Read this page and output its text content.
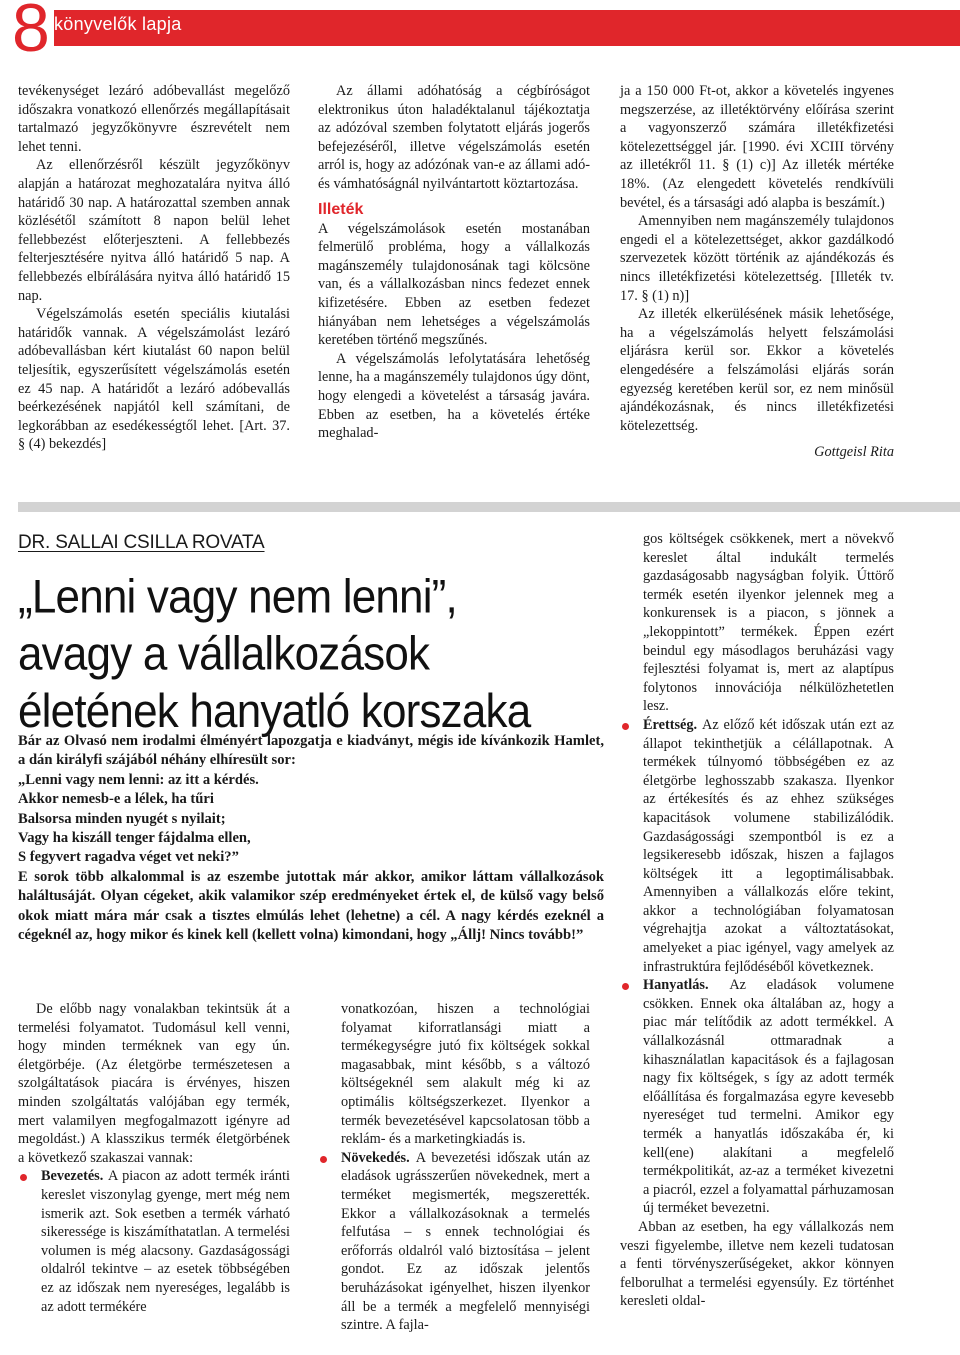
8 könyvelők lapja

tevékenységet lezáró adóbevallást megelőző időszakra vonatkozó ellenőrzés megállapításait tartalmazó jegyzőkönyvre észrevételt nem lehet tenni.

Az ellenőrzésről készült jegyzőkönyv alapján a határozat meghozatalára nyitva álló határidő 30 nap. A határozattal szemben annak közlésétől számított 8 napon belül lehet fellebbezést előterjeszteni. A fellebbezés felterjesztésére nyitva álló határidő 5 nap. A fellebbezés elbírálására nyitva álló határidő 15 nap.

Végelszámolás esetén speciális kiutalási határidők vannak. A végelszámolást lezáró adóbevallásban kért kiutalást 60 napon belül teljesítik, egyszerűsített végelszámolás esetén ez 45 nap. A határidőt a lezáró adóbevallás beérkezésének napjától kell számítani, de legkorábban az esedékességtől lehet. [Art. 37. § (4) bekezdés]

Az állami adóhatóság a cégbíróságot elektronikus úton haladéktalanul tájékoztatja az adózóval szemben folytatott eljárás jogerős befejezéséről, illetve végelszámolás esetén arról is, hogy az adózónak van-e az állami adó- és vámhatóságnál nyilvántartott köztartozása.

Illeték

A végelszámolások esetén mostanában felmerülő probléma, hogy a vállalkozás magánszemély tulajdonosának tagi kölcsöne van, és a vállalkozásban nincs fedezet ennek kifizetésére. Ebben az esetben fedezet hiányában nem lehetséges a végelszámolás keretében történő megszűnés.

A végelszámolás lefolytatására lehetőség lenne, ha a magánszemély tulajdonos úgy dönt, hogy elengedi a követelést a társaság javára. Ebben az esetben, ha a követelés értéke meghalad-

ja a 150 000 Ft-ot, akkor a követelés ingyenes megszerzése, az illetéktörvény előírása szerint a vagyonszerző számára illetékfizetési kötelezettséggel jár. [1990. évi XCIII törvény az illetékről 11. § (1) c)] Az illeték mértéke 18%. (Az elengedett követelés rendkívüli bevétel, és a társasági adó alapba is beszámít.)

Amennyiben nem magánszemély tulajdonos engedi el a kötelezettséget, akkor gazdálkodó szervezetek között történik az ajándékozás és nincs illetékfizetési kötelezettség. [Illeték tv. 17. § (1) n)]

Az illeték elkerülésének másik lehetősége, ha a végelszámolás helyett felszámolási eljárásra kerül sor. Ekkor a követelés elengedésére a felszámolási eljárás során egyezség keretében kerül sor, ez nem minősül ajándékozásnak, és nincs illetékfizetési kötelezettség.

Gottgeisl Rita

DR. SALLAI CSILLA ROVATA
„Lenni vagy nem lenni”,
avagy a vállalkozások
életének hanyatló korszaka

Bár az Olvasó nem irodalmi élményért lapozgatja e kiadványt, mégis ide kívánkozik Hamlet, a dán királyfi szájából néhány elhíresült sor:

„Lenni vagy nem lenni: az itt a kérdés.

Akkor nemesb-e a lélek, ha tűri

Balsorsa minden nyugét s nyilait;

Vagy ha kiszáll tenger fájdalma ellen,

S fegyvert ragadva véget vet neki?”

E sorok több alkalommal is az eszembe jutottak már akkor, amikor láttam vállalkozások haláltusáját. Olyan cégeket, akik valamikor szép eredményeket értek el, de külső vagy belső okok miatt mára már csak a tisztes elmúlás lehet (lehetne) a cél. A nagy kérdés ezeknél a cégeknél az, hogy mikor és kinek kell (kellett volna) kimondani, hogy „Állj! Nincs tovább!”

De előbb nagy vonalakban tekintsük át a termelési folyamatot. Tudomásul kell venni, hogy minden terméknek van egy ún. életgörbéje. (Az életgörbe természetesen a szolgáltatások piacára is érvényes, hiszen minden szolgáltatás valójában egy termék, mert valamilyen megfogalmazott igényre ad megoldást.) A klasszikus termék életgörbének a következő szakaszai vannak:

Bevezetés. A piacon az adott termék iránti kereslet viszonylag gyenge, mert még nem ismerik azt. Sok esetben a termék várható sikeressége is kiszámíthatatlan. A termelési volumen is még alacsony. Gazdaságossági oldalról tekintve – az esetek többségében ez az időszak nem nyereséges, legalább is az adott termékére
vonatkozóan, hiszen a technológiai folyamat kiforratlansági miatt a termékegységre jutó fix költségek sokkal magasabbak, mint később, s a változó költségeknél sem alakult még ki az optimális költségszerkezet. Ilyenkor a termék bevezetésével kapcsolatosan több a reklám- és a marketingkiadás is.
Növekedés. A bevezetési időszak után az eladások ugrásszerűen növekednek, mert a terméket megismerték, megszerették. Ekkor a vállalkozásoknak a termelés felfutása – s ennek technológiai és erőforrás oldalról való biztosítása – jelent gondot. Ez az időszak jelentős beruházásokat igényelhet, hiszen ilyenkor áll be a termék a megfelelő mennyiségi szintre. A fajla-
gos költségek csökkenek, mert a növekvő kereslet által indukált termelés gazdaságosabb nagyságban folyik. Úttörő termék esetén ilyenkor jelennek meg a konkurensek is a piacon, s jönnek a „lekoppintott” termékek. Éppen ezért beindul egy másodlagos beruházási vagy fejlesztési folyamat is, mert az alaptípus folytonos innovációja nélkülözhetetlen lesz.
Érettség. Az előző két időszak után ezt az állapot tekinthetjük a célállapotnak. A termékek túlnyomó többségében ez az életgörbe leghosszabb szakasza. Ilyenkor az értékesítés és az ehhez szükséges kapacitások volumene stabilizálódik. Gazdaságossági szempontból is ez a legsikeresebb időszak, hiszen a fajlagos költségek itt a legoptimálisabbak. Amennyiben a vállalkozás előre tekint, akkor a technológiában folyamatosan végrehajtja azokat a változtatásokat, amelyeket a piac igényel, vagy amelyek az infrastruktúra fejlődéséből következnek.
Hanyatlás. Az eladások volumene csökken. Ennek oka általában az, hogy a piac már telítődik az adott termékkel. A vállalkozásnál ottmaradnak a kihasználatlan kapacitások és a fajlagosan nagy fix költségek, s így az adott termék előállítása és forgalmazása egyre kevesebb nyereséget tud termelni. Amikor egy termék a hanyatlás időszakába ér, ki kell(ene) alakítani a megfelelő termékpolitikát, az-az a terméket kivezetni a piacról, ezzel a folyamattal párhuzamosan új terméket bevezetni.

Abban az esetben, ha egy vállalkozás nem veszi figyelembe, illetve nem kezeli tudatosan a fenti törvényszerűségeket, akkor könnyen felborulhat a termelési egyensúly. Ez történhet keresleti oldal-
